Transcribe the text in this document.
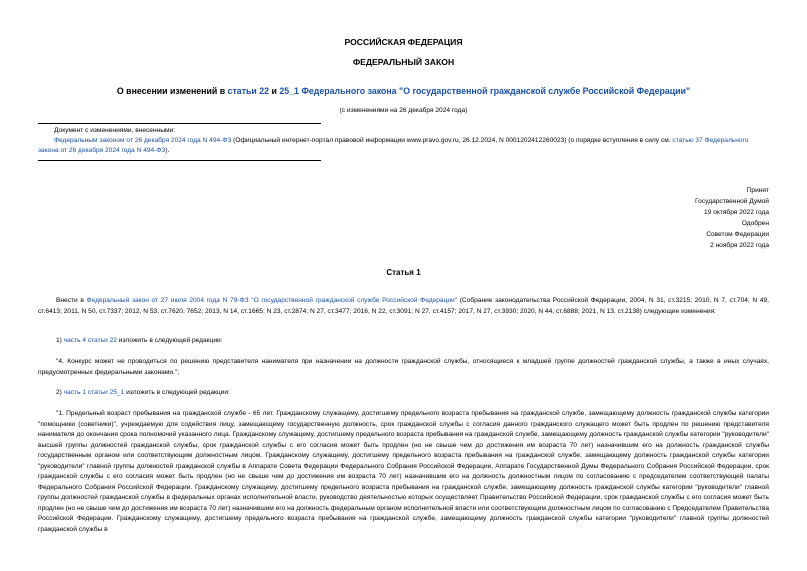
РОССИЙСКАЯ ФЕДЕРАЦИЯ
ФЕДЕРАЛЬНЫЙ ЗАКОН
О внесении изменений в статьи 22 и 25_1 Федерального закона "О государственной гражданской службе Российской Федерации"
(с изменениями на 26 декабря 2024 года)
Документ с изменениями, внесенными:
Федеральным законом от 26 декабря 2024 года N 494-ФЗ (Официальный интернет-портал правовой информации www.pravo.gov.ru, 26.12.2024, N 0001202412260023) (о порядке вступления в силу см. статью 37 Федерального закона от 26 декабря 2024 года N 494-ФЗ).
Принят
Государственной Думой
19 октября 2022 года
Одобрен
Советом Федерации
2 ноября 2022 года
Статья 1
Внести в Федеральный закон от 27 июля 2004 года N 79-ФЗ "О государственной гражданской службе Российской Федерации" (Собрание законодательства Российской Федерации, 2004, N 31, ст.3215; 2010, N 7, ст.704; N 49, ст.6413; 2011, N 50, ст.7337; 2012, N 53, ст.7620, 7652; 2013, N 14, ст.1665; N 23, ст.2874; N 27, ст.3477; 2016, N 22, ст.3091; N 27, ст.4157; 2017, N 27, ст.3930; 2020, N 44, ст.6888; 2021, N 13, ст.2138) следующие изменения:
1) часть 4 статьи 22 изложить в следующей редакции:
"4. Конкурс может не проводиться по решению представителя нанимателя при назначении на должности гражданской службы, относящиеся к младшей группе должностей гражданской службы, а также в иных случаях, предусмотренных федеральными законами.";
2) часть 1 статьи 25_1 изложить в следующей редакции:
"1. Предельный возраст пребывания на гражданской службе - 65 лет. Гражданскому служащему, достигшему предельного возраста пребывания на гражданской службе, замещающему должность гражданской службы категории "помощники (советники)", учреждаемую для содействия лицу, замещающему государственную должность, срок гражданской службы с согласия данного гражданского служащего может быть продлен по решению представителя нанимателя до окончания срока полномочий указанного лица. Гражданскому служащему, достигшему предельного возраста пребывания на гражданской службе, замещающему должность гражданской службы категории "руководители" высшей группы должностей гражданской службы, срок гражданской службы с его согласия может быть продлен (но не свыше чем до достижения им возраста 70 лет) назначившим его на должность гражданской службы государственным органом или соответствующим должностным лицом. Гражданскому служащему, достигшему предельного возраста пребывания на гражданской службе, замещающему должность гражданской службы категории "руководители" главной группы должностей гражданской службы в Аппарате Совета Федерации Федерального Собрания Российской Федерации, Аппарате Государственной Думы Федерального Собрания Российской Федерации, срок гражданской службы с его согласия может быть продлен (но не свыше чем до достижения им возраста 70 лет) назначившим его на должность должностным лицом по согласованию с председателем соответствующей палаты Федерального Собрания Российской Федерации. Гражданскому служащему, достигшему предельного возраста пребывания на гражданской службе, замещающему должность гражданской службы категории "руководители" главной группы должностей гражданской службы в федеральных органах исполнительной власти, руководство деятельностью которых осуществляет Правительство Российской Федерации, срок гражданской службы с его согласия может быть продлен (но не свыше чем до достижения им возраста 70 лет) назначившим его на должность федеральным органом исполнительной власти или соответствующим должностным лицом по согласованию с Председателем Правительства Российской Федерации. Гражданскому служащему, достигшему предельного возраста пребывания на гражданской службе, замещающему должность гражданской службы категории "руководители" главной группы должностей гражданской службы в
